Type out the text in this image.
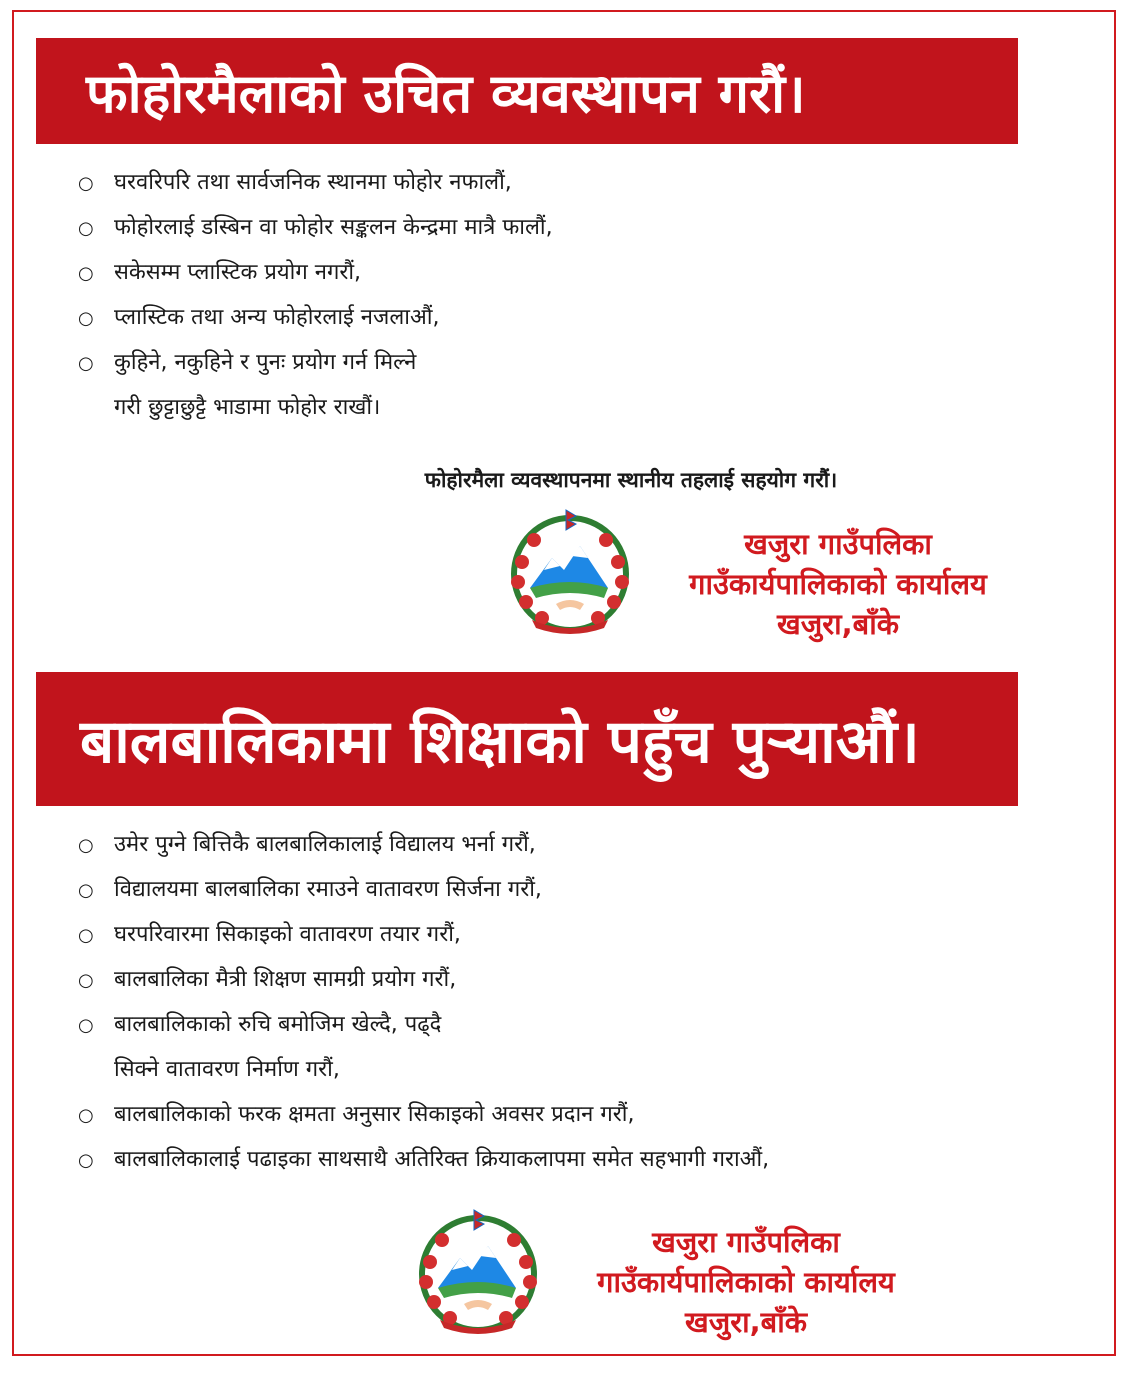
फोहोरमैलाको उचित व्यवस्थापन गरौं।
○ घरवरिपरि तथा सार्वजनिक स्थानमा फोहोर नफालौं,
○ फोहोरलाई डस्बिन वा फोहोर सङ्कलन केन्द्रमा मात्रै फालौं,
○ सकेसम्म प्लास्टिक प्रयोग नगरौं,
○ प्लास्टिक तथा अन्य फोहोरलाई नजलाऔं,
○ कुहिने, नकुहिने र पुनः प्रयोग गर्न मिल्ने
गरी छुट्टाछुट्टै भाडामा फोहोर राखौं।
फोहोरमैला व्यवस्थापनमा स्थानीय तहलाई सहयोग गरौं।
खजुरा गाउँपलिका
गाउँकार्यपालिकाको कार्यालय
खजुरा,बाँके
बालबालिकामा शिक्षाको पहुँच पुऱ्याऔं।
○ उमेर पुग्ने बित्तिकै बालबालिकालाई विद्यालय भर्ना गरौं,
○ विद्यालयमा बालबालिका रमाउने वातावरण सिर्जना गरौं,
○ घरपरिवारमा सिकाइको वातावरण तयार गरौं,
○ बालबालिका मैत्री शिक्षण सामग्री प्रयोग गरौं,
○ बालबालिकाको रुचि बमोजिम खेल्दै, पढ्दै
सिक्ने वातावरण निर्माण गरौं,
○ बालबालिकाको फरक क्षमता अनुसार सिकाइको अवसर प्रदान गरौं,
○ बालबालिकालाई पढाइका साथसाथै अतिरिक्त क्रियाकलापमा समेत सहभागी गराऔं,
खजुरा गाउँपलिका
गाउँकार्यपालिकाको कार्यालय
खजुरा,बाँके
